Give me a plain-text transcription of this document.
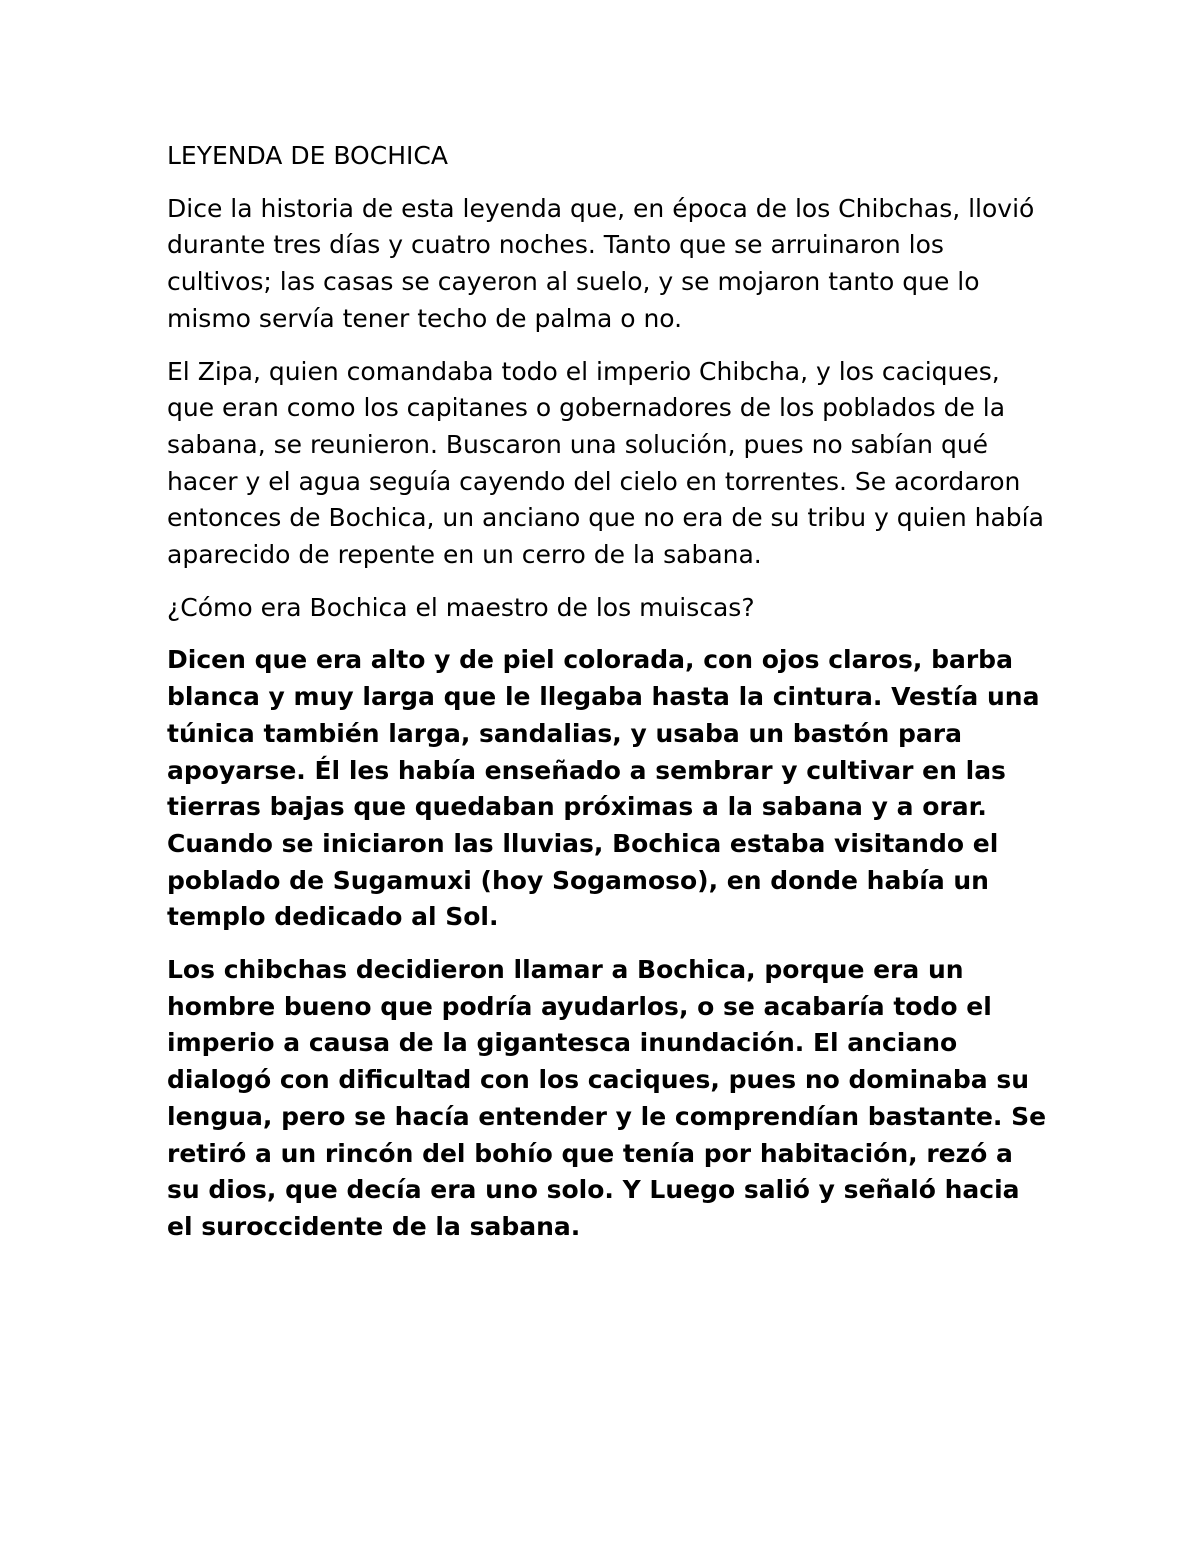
LEYENDA DE BOCHICA

Dice la historia de esta leyenda que, en época de los Chibchas, llovió durante tres días y cuatro noches. Tanto que se arruinaron los cultivos; las casas se cayeron al suelo, y se mojaron tanto que lo mismo servía tener techo de palma o no.

El Zipa, quien comandaba todo el imperio Chibcha, y los caciques, que eran como los capitanes o gobernadores de los poblados de la sabana, se reunieron. Buscaron una solución, pues no sabían qué hacer y el agua seguía cayendo del cielo en torrentes. Se acordaron entonces de Bochica, un anciano que no era de su tribu y quien había aparecido de repente en un cerro de la sabana.

¿Cómo era Bochica el maestro de los muiscas?

Dicen que era alto y de piel colorada, con ojos claros, barba blanca y muy larga que le llegaba hasta la cintura. Vestía una túnica también larga, sandalias, y usaba un bastón para apoyarse. Él les había enseñado a sembrar y cultivar en las tierras bajas que quedaban próximas a la sabana y a orar. Cuando se iniciaron las lluvias, Bochica estaba visitando el poblado de Sugamuxi (hoy Sogamoso), en donde había un templo dedicado al Sol.

Los chibchas decidieron llamar a Bochica, porque era un hombre bueno que podría ayudarlos, o se acabaría todo el imperio a causa de la gigantesca inundación. El anciano dialogó con dificultad con los caciques, pues no dominaba su lengua, pero se hacía entender y le comprendían bastante. Se retiró a un rincón del bohío que tenía por habitación, rezó a su dios, que decía era uno solo. Y Luego salió y señaló hacia el suroccidente de la sabana.
